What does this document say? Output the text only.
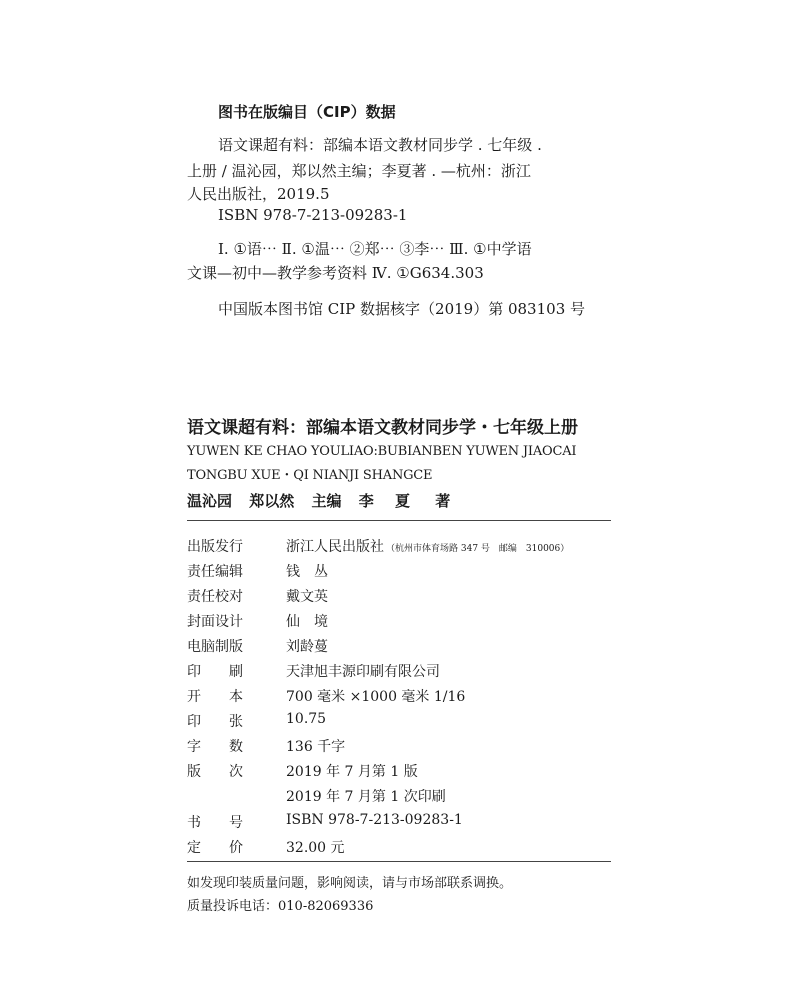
图书在版编目（CIP）数据
语文课超有料：部编本语文教材同步学 . 七年级 .
上册 / 温沁园，郑以然主编；李夏著 . —杭州：浙江
人民出版社，2019.5
ISBN 978-7-213-09283-1
Ⅰ. ①语⋯ Ⅱ. ①温⋯ ②郑⋯ ③李⋯ Ⅲ. ①中学语
文课—初中—教学参考资料 Ⅳ. ①G634.303
中国版本图书馆 CIP 数据核字（2019）第 083103 号
语文课超有料：部编本语文教材同步学・七年级上册
YUWEN KE CHAO YOULIAO:BUBIANBEN YUWEN JIAOCAI
TONGBU XUE・QI NIANJI SHANGCE
温沁园 郑以然 主编 李 夏 著
出版发行	浙江人民出版社 （杭州市体育场路 347 号　邮编　310006）
责任编辑	钱　丛
责任校对	戴文英
封面设计	仙　境
电脑制版	刘龄蔓
印　　刷	天津旭丰源印刷有限公司
开　　本	700 毫米 ×1000 毫米 1/16
印　　张	10.75
字　　数	136 千字
版　　次	2019 年 7 月第 1 版
2019 年 7 月第 1 次印刷
书　　号	ISBN 978-7-213-09283-1
定　　价	32.00 元
如发现印装质量问题，影响阅读，请与市场部联系调换。
质量投诉电话：010-82069336
